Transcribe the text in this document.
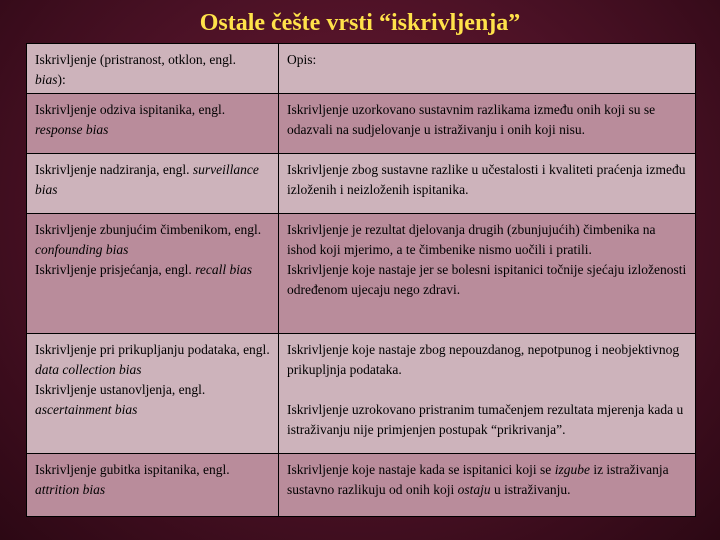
Ostale češte vrsti “iskrivljenja”

Iskrivljenje (pristranost, otklon, engl. bias):

Opis:

Iskrivljenje odziva ispitanika, engl. response bias

Iskrivljenje uzorkovano sustavnim razlikama između onih koji su se odazvali na sudjelovanje u istraživanju i onih koji nisu.

Iskrivljenje nadziranja, engl. surveillance bias

Iskrivljenje zbog sustavne razlike u učestalosti i kvaliteti praćenja između izloženih i neizloženih ispitanika.

Iskrivljenje zbunjućim čimbenikom, engl. confounding bias

Iskrivljenje prisjećanja, engl. recall bias

Iskrivljenje je rezultat djelovanja drugih (zbunjujućih) čimbenika na ishod koji mjerimo, a te čimbenike nismo uočili i pratili.

Iskrivljenje koje nastaje jer se bolesni ispitanici točnije sjećaju izloženosti određenom ujecaju nego zdravi.

Iskrivljenje pri prikupljanju podataka, engl. data collection bias

Iskrivljenje ustanovljenja, engl. ascertainment bias

Iskrivljenje koje nastaje zbog nepouzdanog, nepotpunog i neobjektivnog prikuplјnja podataka.

Iskrivljenje uzrokovano pristranim tumačenjem rezultata mjerenja kada u istraživanju nije primjenjen postupak “prikrivanja”.

Iskrivljenje gubitka ispitanika, engl. attrition bias

Iskrivljenje koje nastaje kada se ispitanici koji se izgube iz istraživanja sustavno razlikuju od onih koji ostaju u istraživanju.
